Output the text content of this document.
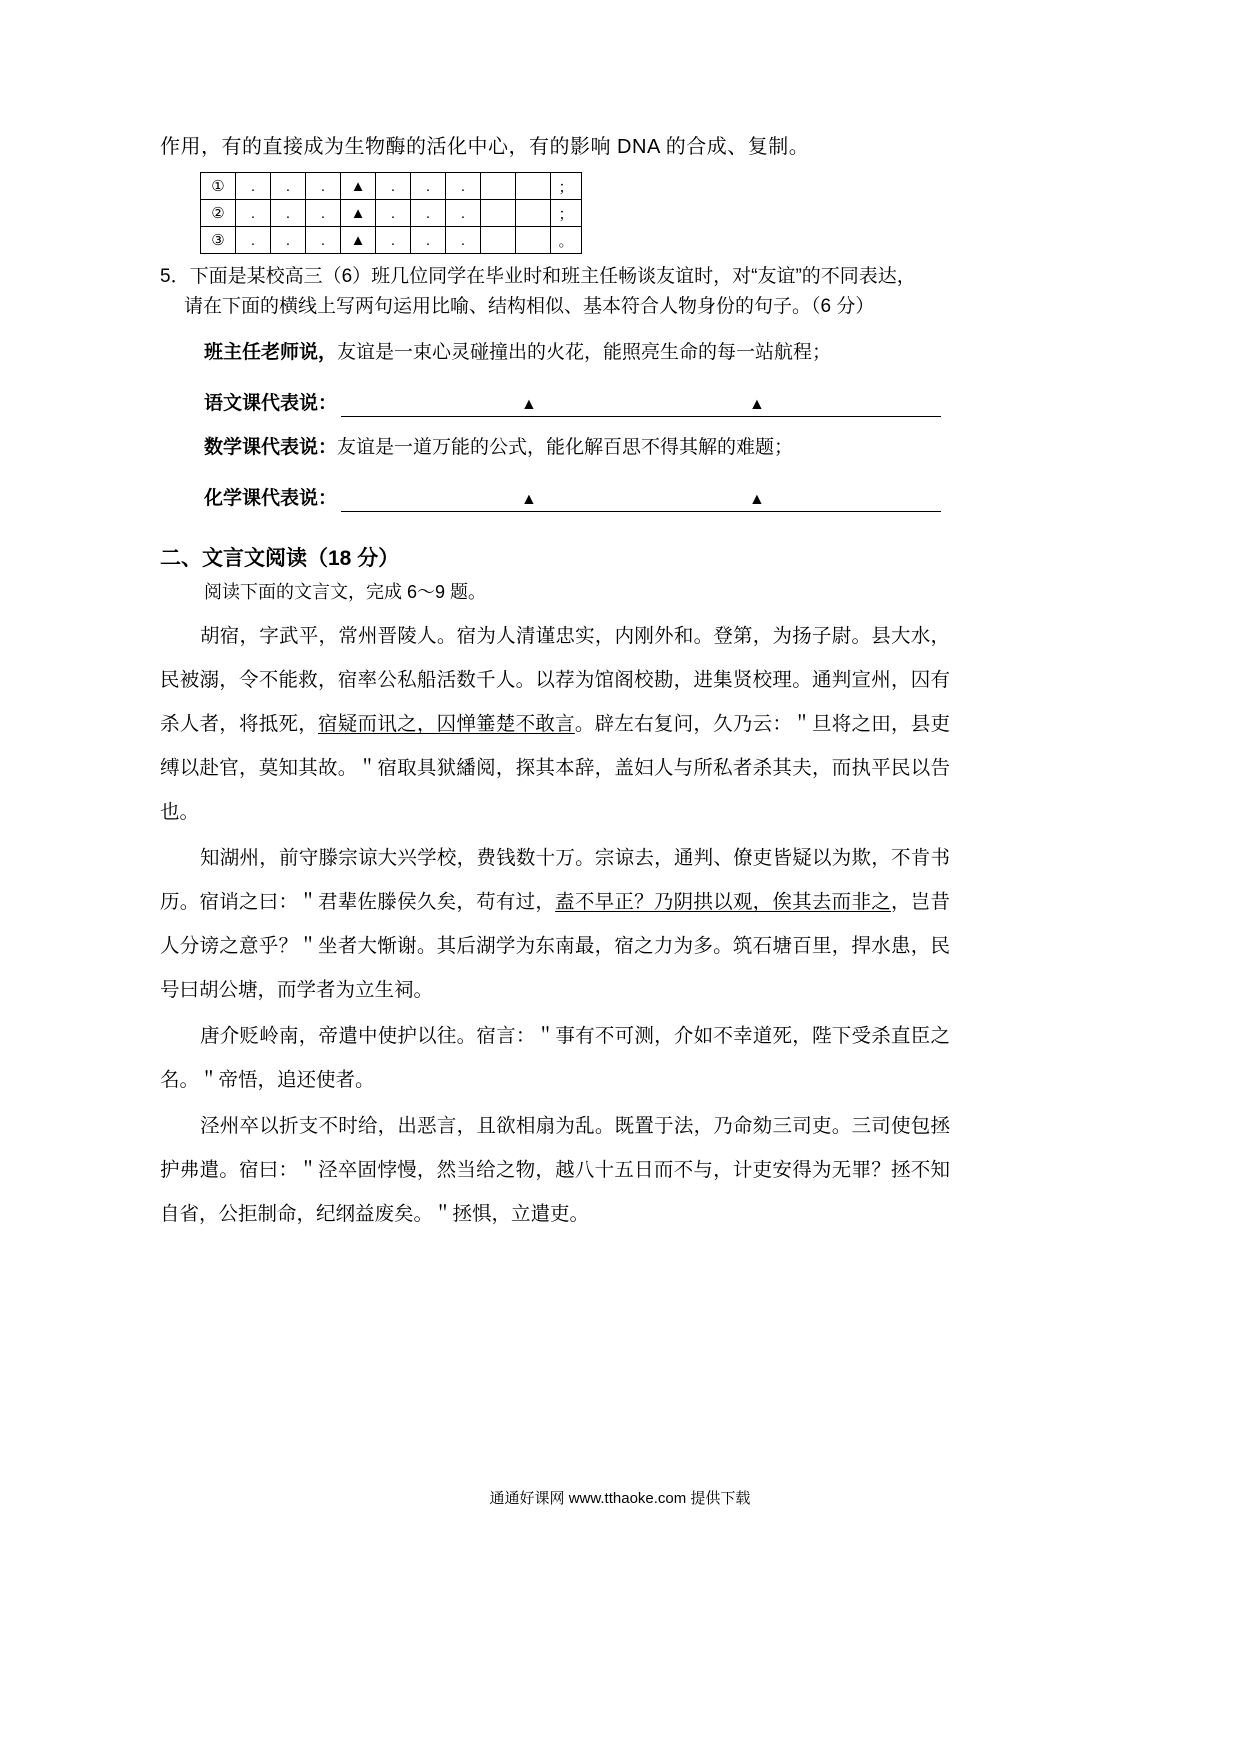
作用，有的直接成为生物酶的活化中心，有的影响 DNA 的合成、复制。
①	.	.	.	▲	.	.	.			；
②	.	.	.	▲	.	.	.			；
③	.	.	.	▲	.	.	.			。
5．下面是某校高三（6）班几位同学在毕业时和班主任畅谈友谊时，对“友谊”的不同表达，
请在下面的横线上写两句运用比喻、结构相似、基本符合人物身份的句子。（6 分）
班主任老师说，友谊是一束心灵碰撞出的火花，能照亮生命的每一站航程；
语文课代表说：	▲	▲
数学课代表说：友谊是一道万能的公式，能化解百思不得其解的难题；
化学课代表说：	▲	▲
二、文言文阅读（18 分）
阅读下面的文言文，完成 6～9 题。

胡宿，字武平，常州晋陵人。宿为人清谨忠实，内刚外和。登第，为扬子尉。县大水，民被溺，令不能救，宿率公私船活数千人。以荐为馆阁校勘，进集贤校理。通判宣州，囚有杀人者，将抵死，宿疑而讯之，囚惮箠楚不敢言。辟左右复问，久乃云：＂旦将之田，县吏缚以赴官，莫知其故。＂宿取具狱繙阅，探其本辞，盖妇人与所私者杀其夫，而执平民以告也。

知湖州，前守滕宗谅大兴学校，费钱数十万。宗谅去，通判、僚吏皆疑以为欺，不肯书历。宿诮之曰：＂君辈佐滕侯久矣，苟有过，盍不早正？乃阴拱以观，俟其去而非之，岂昔人分谤之意乎？＂坐者大惭谢。其后湖学为东南最，宿之力为多。筑石塘百里，捍水患，民号曰胡公塘，而学者为立生祠。

唐介贬岭南，帝遣中使护以往。宿言：＂事有不可测，介如不幸道死，陛下受杀直臣之名。＂帝悟，追还使者。

泾州卒以折支不时给，出恶言，且欲相扇为乱。既置于法，乃命劾三司吏。三司使包拯护弗遣。宿曰：＂泾卒固悖慢，然当给之物，越八十五日而不与，计吏安得为无罪？拯不知自省，公拒制命，纪纲益废矣。＂拯惧，立遣吏。

通通好课网 www.tthaoke.com 提供下载
